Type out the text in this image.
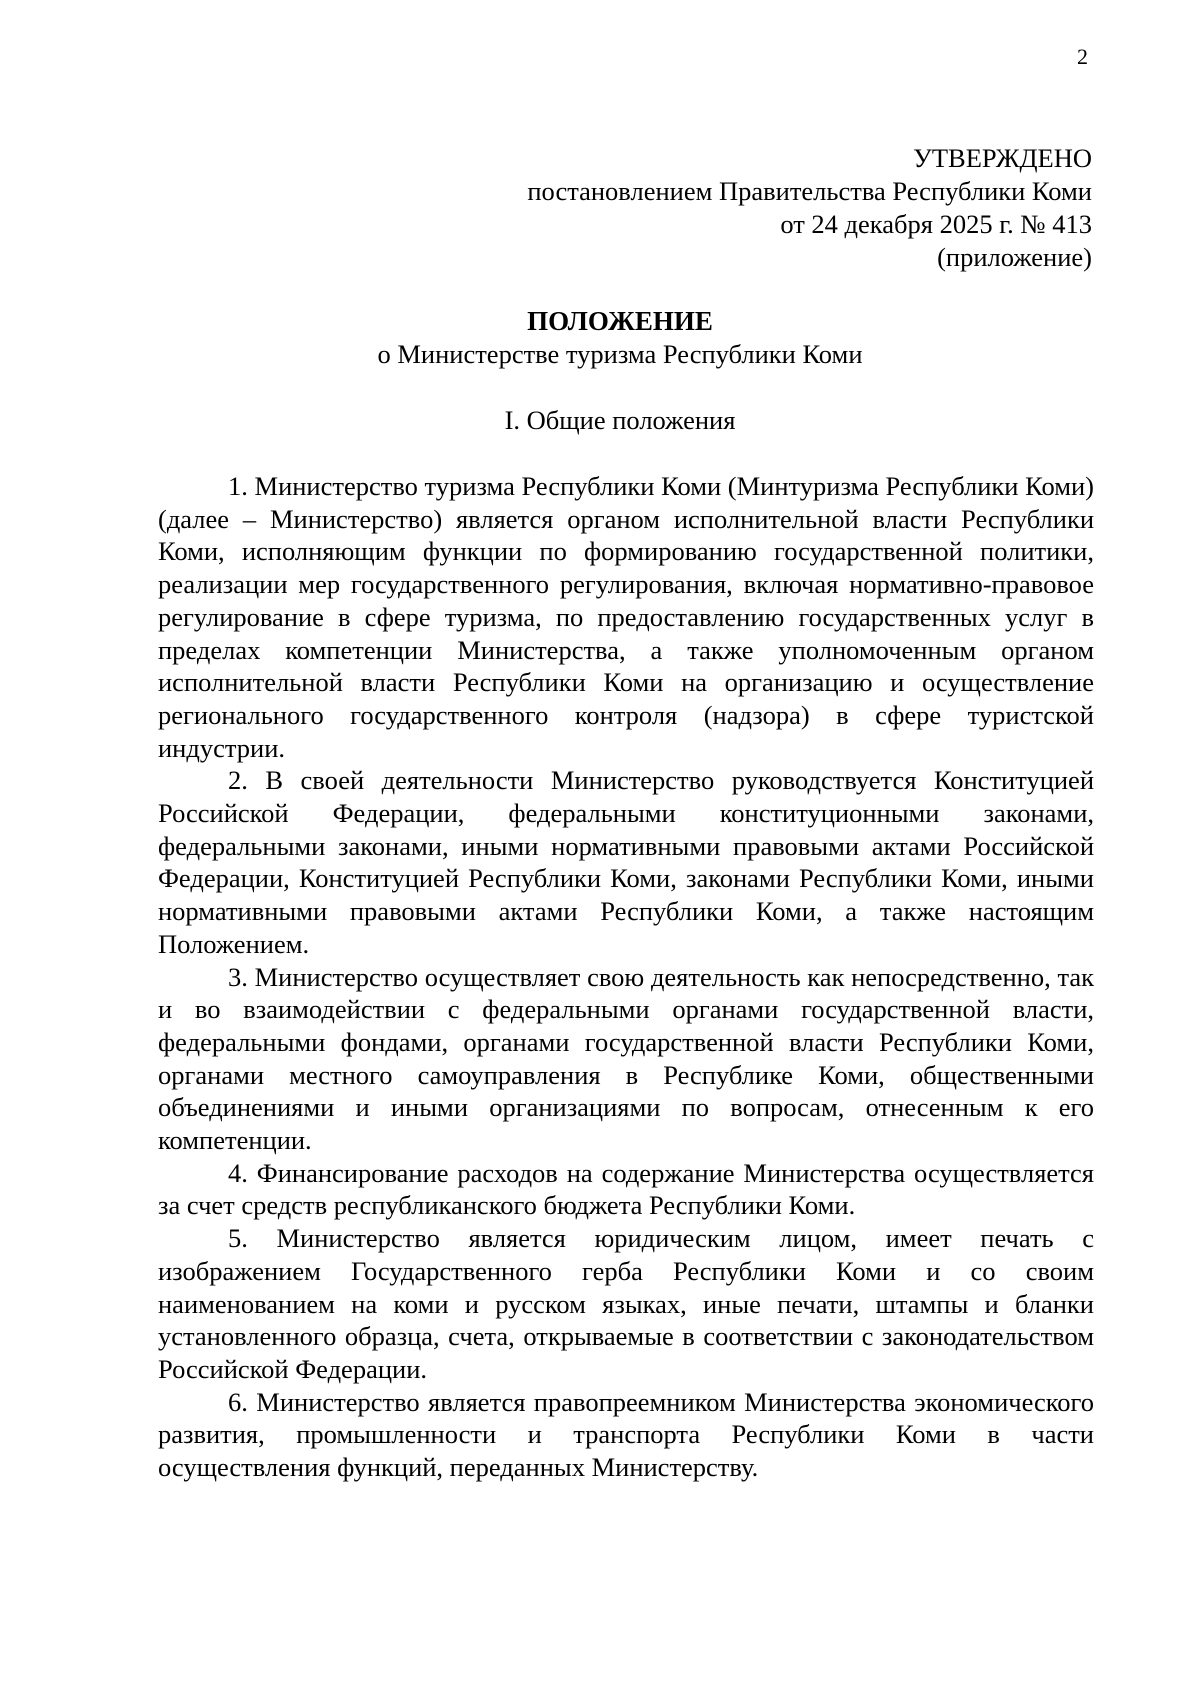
2
УТВЕРЖДЕНО
постановлением Правительства Республики Коми
от 24 декабря 2025 г. № 413
(приложение)
ПОЛОЖЕНИЕ
о Министерстве туризма Республики Коми
I. Общие положения

1. Министерство туризма Республики Коми (Минтуризма Республики Коми) (далее – Министерство) является органом исполнительной власти Республики Коми, исполняющим функции по формированию государственной политики, реализации мер государственного регулирования, включая нормативно-правовое регулирование в сфере туризма, по предоставлению государственных услуг в пределах компетенции Министерства, а также уполномоченным органом исполнительной власти Республики Коми на организацию и осуществление регионального государственного контроля (надзора) в сфере туристской индустрии.

2. В своей деятельности Министерство руководствуется Конституцией Российской Федерации, федеральными конституционными законами, федеральными законами, иными нормативными правовыми актами Российской Федерации, Конституцией Республики Коми, законами Республики Коми, иными нормативными правовыми актами Республики Коми, а также настоящим Положением.

3. Министерство осуществляет свою деятельность как непосредственно, так и во взаимодействии с федеральными органами государственной власти, федеральными фондами, органами государственной власти Республики Коми, органами местного самоуправления в Республике Коми, общественными объединениями и иными организациями по вопросам, отнесенным к его компетенции.

4. Финансирование расходов на содержание Министерства осуществляется за счет средств республиканского бюджета Республики Коми.

5. Министерство является юридическим лицом, имеет печать с изображением Государственного герба Республики Коми и со своим наименованием на коми и русском языках, иные печати, штампы и бланки установленного образца, счета, открываемые в соответствии с законодательством Российской Федерации.

6. Министерство является правопреемником Министерства экономического развития, промышленности и транспорта Республики Коми в части осуществления функций, переданных Министерству.
